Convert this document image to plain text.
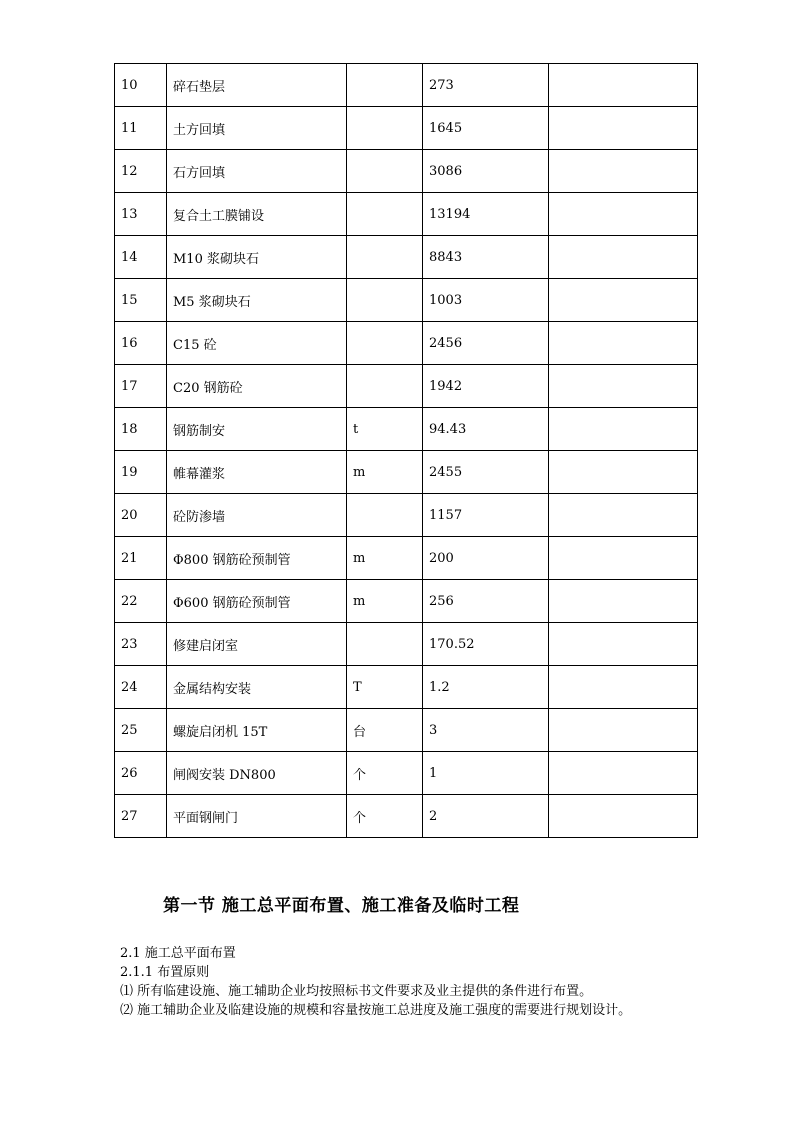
10	碎石垫层		273	
11	土方回填		1645	
12	石方回填		3086	
13	复合土工膜铺设		13194	
14	M10 浆砌块石		8843	
15	M5 浆砌块石		1003	
16	C15 砼		2456	
17	C20 钢筋砼		1942	
18	钢筋制安	t	94.43	
19	帷幕灌浆	m	2455	
20	砼防渗墙		1157	
21	Φ800 钢筋砼预制管	m	200	
22	Φ600 钢筋砼预制管	m	256	
23	修建启闭室		170.52	
24	金属结构安装	T	1.2	
25	螺旋启闭机 15T	台	3	
26	闸阀安装 DN800	个	1	
27	平面钢闸门	个	2	
第一节 施工总平面布置、施工准备及临时工程
2.1 施工总平面布置
2.1.1 布置原则
⑴ 所有临建设施、施工辅助企业均按照标书文件要求及业主提供的条件进行布置。
⑵ 施工辅助企业及临建设施的规模和容量按施工总进度及施工强度的需要进行规划设计。
